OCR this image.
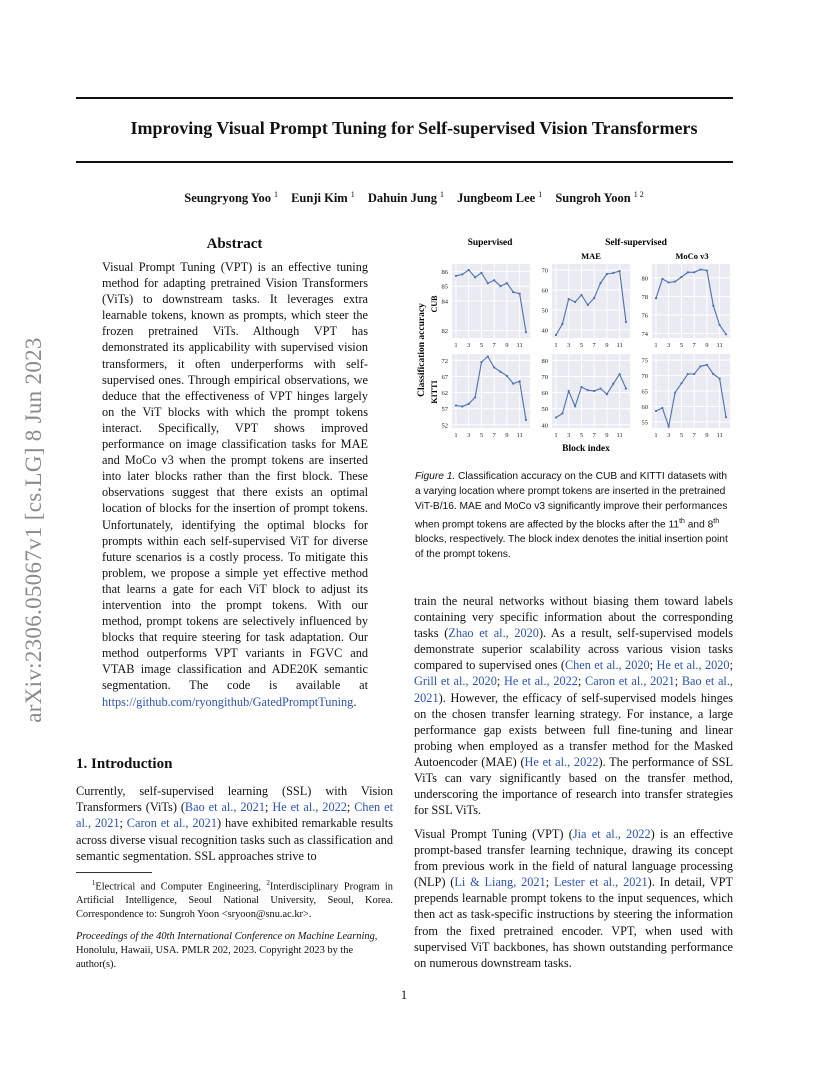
arXiv:2306.05067v1 [cs.LG] 8 Jun 2023
Improving Visual Prompt Tuning for Self-supervised Vision Transformers
Seungryong Yoo $^1$ Eunji Kim $^1$ Dahuin Jung $^1$ Jungbeom Lee $^1$ Sungroh Yoon $^{1 2}$
Abstract
Visual Prompt Tuning (VPT) is an effective tuning method for adapting pretrained Vision Transformers (ViTs) to downstream tasks. It leverages extra learnable tokens, known as prompts, which steer the frozen pretrained ViTs. Although VPT has demonstrated its applicability with supervised vision transformers, it often underperforms with self-supervised ones. Through empirical observations, we deduce that the effectiveness of VPT hinges largely on the ViT blocks with which the prompt tokens interact. Specifically, VPT shows improved performance on image classification tasks for MAE and MoCo v3 when the prompt tokens are inserted into later blocks rather than the first block. These observations suggest that there exists an optimal location of blocks for the insertion of prompt tokens. Unfortunately, identifying the optimal blocks for prompts within each self-supervised ViT for diverse future scenarios is a costly process. To mitigate this problem, we propose a simple yet effective method that learns a gate for each ViT block to adjust its intervention into the prompt tokens. With our method, prompt tokens are selectively influenced by blocks that require steering for task adaptation. Our method outperforms VPT variants in FGVC and VTAB image classification and ADE20K semantic segmentation. The code is available at https://github.com/ryongithub/GatedPromptTuning.
1. Introduction
Currently, self-supervised learning (SSL) with Vision Transformers (ViTs) (Bao et al., 2021; He et al., 2022; Chen et al., 2021; Caron et al., 2021) have exhibited remarkable results across diverse visual recognition tasks such as classification and semantic segmentation. SSL approaches strive to
$^1$Electrical and Computer Engineering, $^2$Interdisciplinary Program in Artificial Intelligence, Seoul National University, Seoul, Korea. Correspondence to: Sungroh Yoon <sryoon@snu.ac.kr>.
Proceedings of the 40th International Conference on Machine Learning, Honolulu, Hawaii, USA. PMLR 202, 2023. Copyright 2023 by the author(s).
Supervised	Self-supervised
MAE	MoCo v3
Classification accuracy CUB
KITTI
Block index
82
84
85
86
1 3 5 7 9 11
40
50
60
70
1 3 5 7 9 11
74
76
78
80
1 3 5 7 9 11
52
57
62
67
72
1 3 5 7 9 11
40
50
60
70
80
1 3 5 7 9 11
55
60
65
70
75
1 3 5 7 9 11
Figure 1. Classification accuracy on the CUB and KITTI datasets with a varying location where prompt tokens are inserted in the pretrained ViT-B/16. MAE and MoCo v3 significantly improve their performances when prompt tokens are affected by the blocks after the 11th and 8th blocks, respectively. The block index denotes the initial insertion point of the prompt tokens.
train the neural networks without biasing them toward labels containing very specific information about the corresponding tasks (Zhao et al., 2020). As a result, self-supervised models demonstrate superior scalability across various vision tasks compared to supervised ones (Chen et al., 2020; He et al., 2020; Grill et al., 2020; He et al., 2022; Caron et al., 2021; Bao et al., 2021). However, the efficacy of self-supervised models hinges on the chosen transfer learning strategy. For instance, a large performance gap exists between full fine-tuning and linear probing when employed as a transfer method for the Masked Autoencoder (MAE) (He et al., 2022). The performance of SSL ViTs can vary significantly based on the transfer method, underscoring the importance of research into transfer strategies for SSL ViTs.
Visual Prompt Tuning (VPT) (Jia et al., 2022) is an effective prompt-based transfer learning technique, drawing its concept from previous work in the field of natural language processing (NLP) (Li & Liang, 2021; Lester et al., 2021). In detail, VPT prepends learnable prompt tokens to the input sequences, which then act as task-specific instructions by steering the information from the fixed pretrained encoder. VPT, when used with supervised ViT backbones, has shown outstanding performance on numerous downstream tasks.
1
